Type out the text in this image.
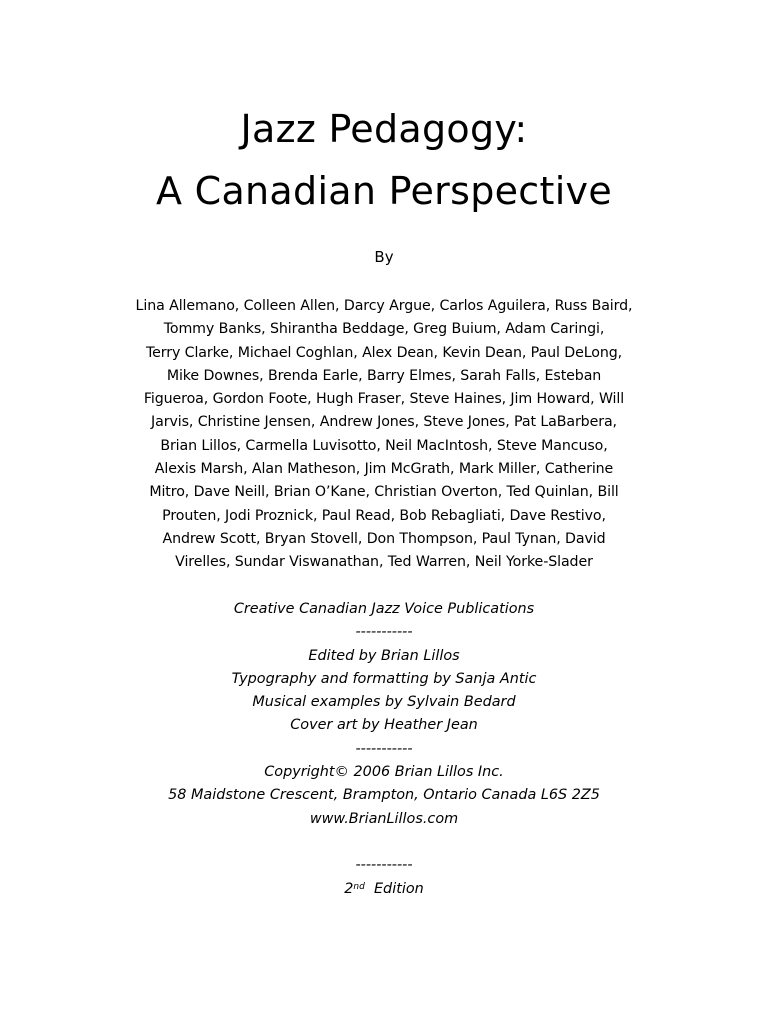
Jazz Pedagogy:
A Canadian Perspective
By
Lina Allemano, Colleen Allen, Darcy Argue, Carlos Aguilera, Russ Baird,
Tommy Banks, Shirantha Beddage, Greg Buium, Adam Caringi,
Terry Clarke, Michael Coghlan, Alex Dean, Kevin Dean, Paul DeLong,
Mike Downes, Brenda Earle, Barry Elmes, Sarah Falls, Esteban
Figueroa, Gordon Foote, Hugh Fraser, Steve Haines, Jim Howard, Will
Jarvis, Christine Jensen, Andrew Jones, Steve Jones, Pat LaBarbera,
Brian Lillos, Carmella Luvisotto, Neil MacIntosh, Steve Mancuso,
Alexis Marsh, Alan Matheson, Jim McGrath, Mark Miller, Catherine
Mitro, Dave Neill, Brian O’Kane, Christian Overton, Ted Quinlan, Bill
Prouten, Jodi Proznick, Paul Read, Bob Rebagliati, Dave Restivo,
Andrew Scott, Bryan Stovell, Don Thompson, Paul Tynan, David
Virelles, Sundar Viswanathan, Ted Warren, Neil Yorke-Slader
Creative Canadian Jazz Voice Publications
-----------
Edited by Brian Lillos
Typography and formatting by Sanja Antic
Musical examples by Sylvain Bedard
Cover art by Heather Jean
-----------
Copyright© 2006 Brian Lillos Inc.
58 Maidstone Crescent, Brampton, Ontario Canada L6S 2Z5
www.BrianLillos.com
-----------
2nd Edition
